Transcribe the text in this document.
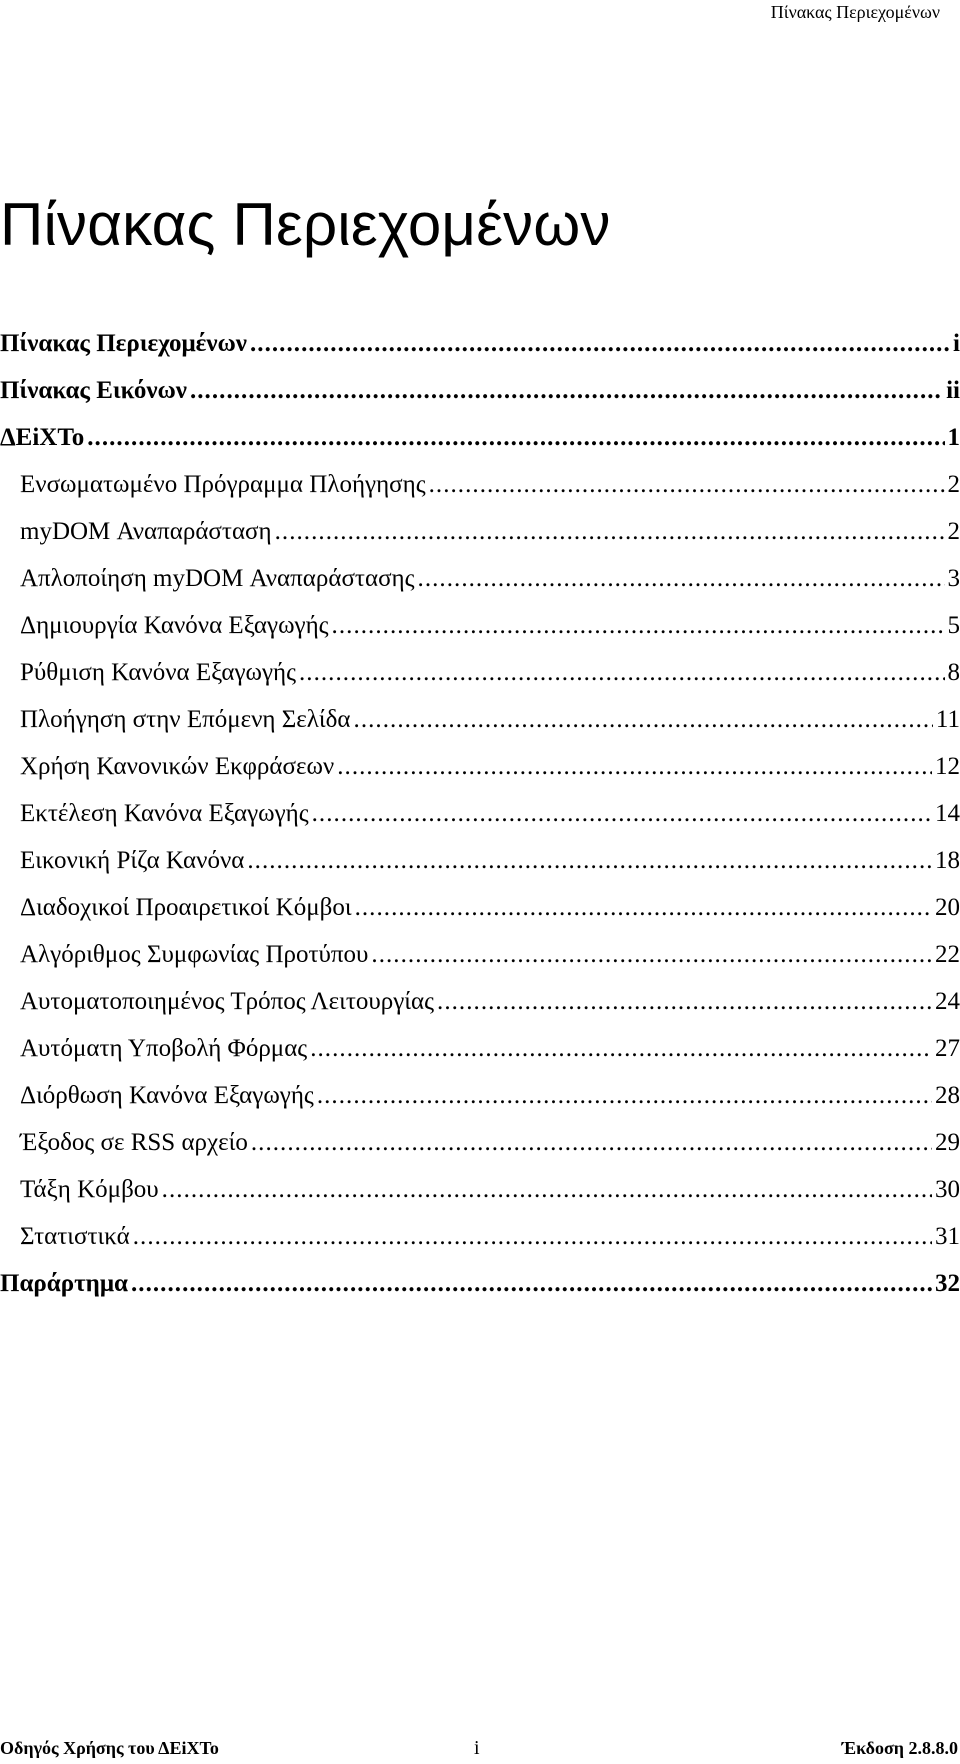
Πίνακας Περιεχομένων
Πίνακας Περιεχομένων
Πίνακας Περιεχομένων . . .	i
Πίνακας Εικόνων . . .	ii
ΔEiXTo . . .	1
Ενσωματωμένο Πρόγραμμα Πλοήγησης . . .	2
myDOM Αναπαράσταση . . .	2
Απλοποίηση myDOM Αναπαράστασης . . .	3
Δημιουργία Κανόνα Εξαγωγής . . .	5
Ρύθμιση Κανόνα Εξαγωγής . . .	8
Πλοήγηση στην Επόμενη Σελίδα . . .	11
Χρήση Κανονικών Εκφράσεων . . .	12
Εκτέλεση Κανόνα Εξαγωγής . . .	14
Εικονική Ρίζα Κανόνα . . .	18
Διαδοχικοί Προαιρετικοί Κόμβοι . . .	20
Αλγόριθμος Συμφωνίας Προτύπου . . .	22
Αυτοματοποιημένος Τρόπος Λειτουργίας . . .	24
Αυτόματη Υποβολή Φόρμας . . .	27
Διόρθωση Κανόνα Εξαγωγής . . .	28
Έξοδος σε RSS αρχείο . . .	29
Τάξη Κόμβου . . .	30
Στατιστικά . . .	31
Παράρτημα . . .	32
Οδηγός Χρήσης του ΔEiXTo	i	Έκδοση 2.8.8.0
